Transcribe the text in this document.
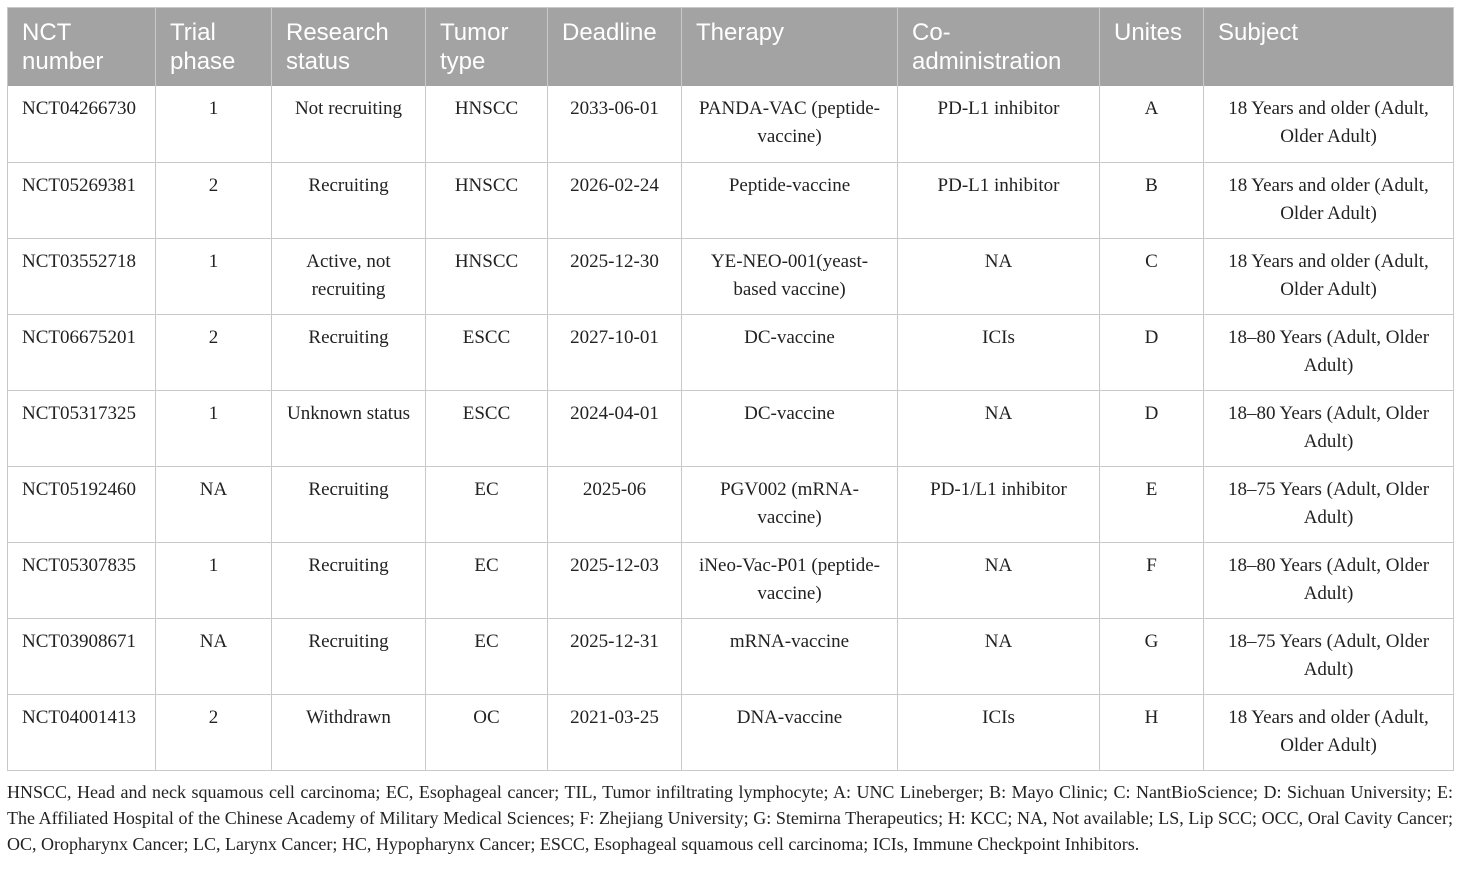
NCT number	Trial phase	Research status	Tumor type	Deadline	Therapy	Co-administration	Unites	Subject
NCT04266730	1	Not recruiting	HNSCC	2033-06-01	PANDA-VAC (peptide-vaccine)	PD-L1 inhibitor	A	18 Years and older (Adult, Older Adult)
NCT05269381	2	Recruiting	HNSCC	2026-02-24	Peptide-vaccine	PD-L1 inhibitor	B	18 Years and older (Adult, Older Adult)
NCT03552718	1	Active, not recruiting	HNSCC	2025-12-30	YE-NEO-001(yeast-based vaccine)	NA	C	18 Years and older (Adult, Older Adult)
NCT06675201	2	Recruiting	ESCC	2027-10-01	DC-vaccine	ICIs	D	18–80 Years (Adult, Older Adult)
NCT05317325	1	Unknown status	ESCC	2024-04-01	DC-vaccine	NA	D	18–80 Years (Adult, Older Adult)
NCT05192460	NA	Recruiting	EC	2025-06	PGV002 (mRNA-vaccine)	PD-1/L1 inhibitor	E	18–75 Years (Adult, Older Adult)
NCT05307835	1	Recruiting	EC	2025-12-03	iNeo-Vac-P01 (peptide-vaccine)	NA	F	18–80 Years (Adult, Older Adult)
NCT03908671	NA	Recruiting	EC	2025-12-31	mRNA-vaccine	NA	G	18–75 Years (Adult, Older Adult)
NCT04001413	2	Withdrawn	OC	2021-03-25	DNA-vaccine	ICIs	H	18 Years and older (Adult, Older Adult)

HNSCC, Head and neck squamous cell carcinoma; EC, Esophageal cancer; TIL, Tumor infiltrating lymphocyte; A: UNC Lineberger; B: Mayo Clinic; C: NantBioScience; D: Sichuan University; E: The Affiliated Hospital of the Chinese Academy of Military Medical Sciences; F: Zhejiang University; G: Stemirna Therapeutics; H: KCC; NA, Not available; LS, Lip SCC; OCC, Oral Cavity Cancer; OC, Oropharynx Cancer; LC, Larynx Cancer; HC, Hypopharynx Cancer; ESCC, Esophageal squamous cell carcinoma; ICIs, Immune Checkpoint Inhibitors.
